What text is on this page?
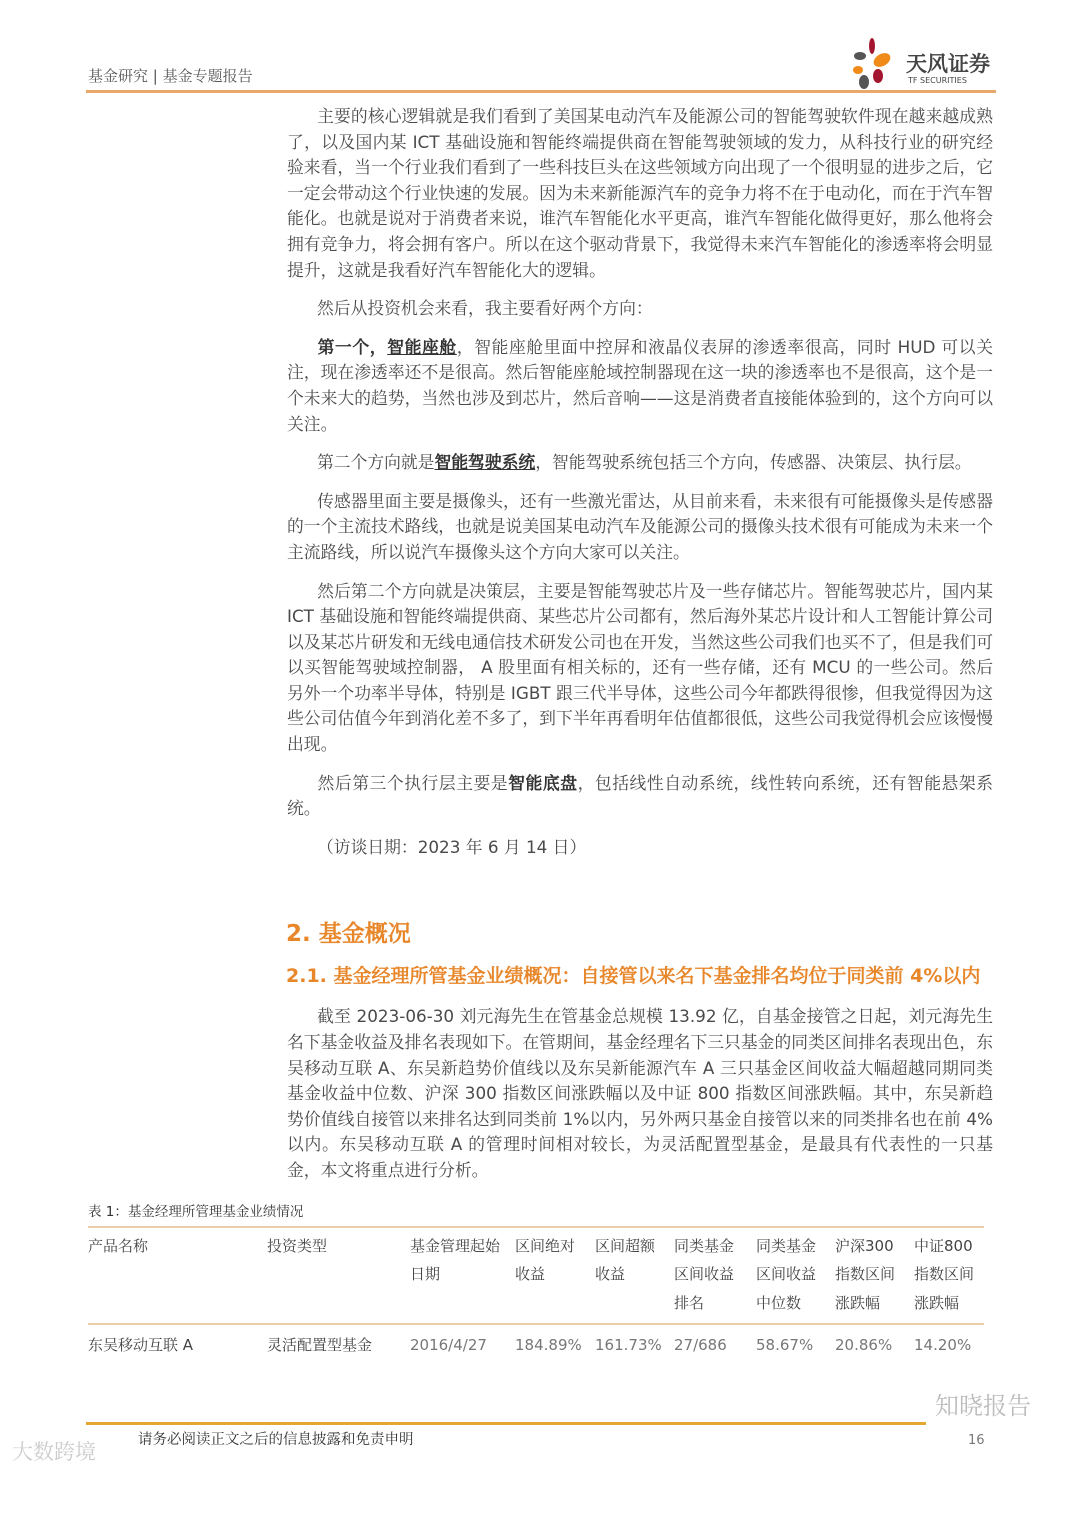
基金研究 | 基金专题报告	天风证券
TF SECURITIES
主要的核心逻辑就是我们看到了美国某电动汽车及能源公司的智能驾驶软件现在越来越成熟了，以及国内某 ICT 基础设施和智能终端提供商在智能驾驶领域的发力，从科技行业的研究经验来看，当一个行业我们看到了一些科技巨头在这些领域方向出现了一个很明显的进步之后，它一定会带动这个行业快速的发展。因为未来新能源汽车的竞争力将不在于电动化，而在于汽车智能化。也就是说对于消费者来说，谁汽车智能化水平更高，谁汽车智能化做得更好，那么他将会拥有竞争力，将会拥有客户。所以在这个驱动背景下，我觉得未来汽车智能化的渗透率将会明显提升，这就是我看好汽车智能化大的逻辑。
然后从投资机会来看，我主要看好两个方向：
第一个，智能座舱，智能座舱里面中控屏和液晶仪表屏的渗透率很高，同时 HUD 可以关注，现在渗透率还不是很高。然后智能座舱域控制器现在这一块的渗透率也不是很高，这个是一个未来大的趋势，当然也涉及到芯片，然后音响——这是消费者直接能体验到的，这个方向可以关注。
第二个方向就是智能驾驶系统，智能驾驶系统包括三个方向，传感器、决策层、执行层。
传感器里面主要是摄像头，还有一些激光雷达，从目前来看，未来很有可能摄像头是传感器的一个主流技术路线，也就是说美国某电动汽车及能源公司的摄像头技术很有可能成为未来一个主流路线，所以说汽车摄像头这个方向大家可以关注。
然后第二个方向就是决策层，主要是智能驾驶芯片及一些存储芯片。智能驾驶芯片，国内某 ICT 基础设施和智能终端提供商、某些芯片公司都有，然后海外某芯片设计和人工智能计算公司以及某芯片研发和无线电通信技术研发公司也在开发，当然这些公司我们也买不了，但是我们可以买智能驾驶域控制器， A 股里面有相关标的，还有一些存储，还有 MCU 的一些公司。然后另外一个功率半导体，特别是 IGBT 跟三代半导体，这些公司今年都跌得很惨，但我觉得因为这些公司估值今年到消化差不多了，到下半年再看明年估值都很低，这些公司我觉得机会应该慢慢出现。
然后第三个执行层主要是智能底盘，包括线性自动系统，线性转向系统，还有智能悬架系统。
（访谈日期：2023 年 6 月 14 日）
2. 基金概况
2.1. 基金经理所管基金业绩概况：自接管以来名下基金排名均位于同类前 4%以内
截至 2023-06-30 刘元海先生在管基金总规模 13.92 亿，自基金接管之日起，刘元海先生名下基金收益及排名表现如下。在管期间，基金经理名下三只基金的同类区间排名表现出色，东吴移动互联 A、东吴新趋势价值线以及东吴新能源汽车 A 三只基金区间收益大幅超越同期同类基金收益中位数、沪深 300 指数区间涨跌幅以及中证 800 指数区间涨跌幅。其中，东吴新趋势价值线自接管以来排名达到同类前 1%以内，另外两只基金自接管以来的同类排名也在前 4%以内。东吴移动互联 A 的管理时间相对较长，为灵活配置型基金，是最具有代表性的一只基金，本文将重点进行分析。
表 1：基金经理所管理基金业绩情况
产品名称	投资类型	基金管理起始日期	区间绝对收益	区间超额收益	同类基金区间收益排名	同类基金区间收益中位数	沪深300指数区间涨跌幅	中证800指数区间涨跌幅

东吴移动互联 A	灵活配置型基金	2016/4/27	184.89%	161.73%	27/686	58.67%	20.86%	14.20%
知晓报告
请务必阅读正文之后的信息披露和免责申明	16
大数跨境
